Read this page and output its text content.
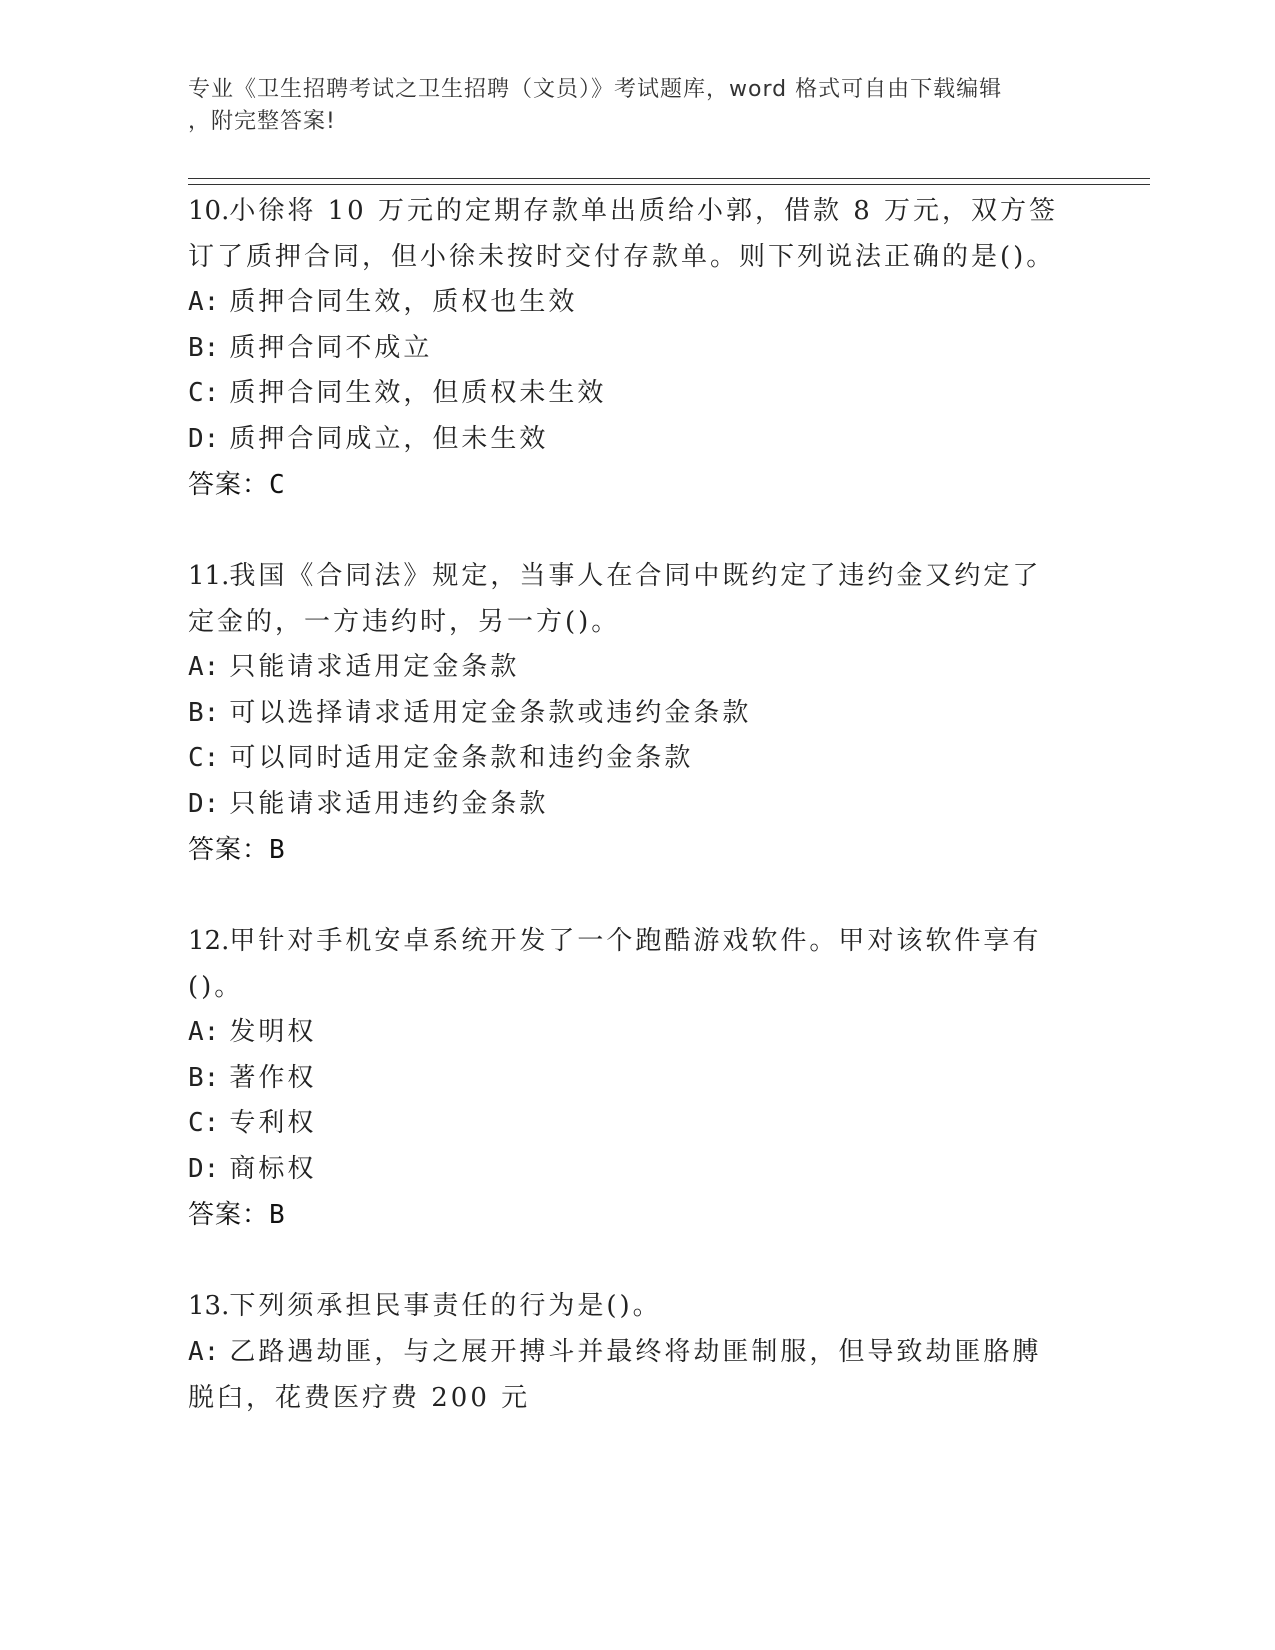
专业《卫生招聘考试之卫生招聘（文员）》考试题库，word 格式可自由下载编辑
，附完整答案!

10.小徐将 10 万元的定期存款单出质给小郭，借款 8 万元，双方签订了质押合同，但小徐未按时交付存款单。则下列说法正确的是()。

A: 质押合同生效，质权也生效

B: 质押合同不成立

C: 质押合同生效，但质权未生效

D: 质押合同成立，但未生效

答案：C

11.我国《合同法》规定，当事人在合同中既约定了违约金又约定了定金的，一方违约时，另一方()。

A: 只能请求适用定金条款

B: 可以选择请求适用定金条款或违约金条款

C: 可以同时适用定金条款和违约金条款

D: 只能请求适用违约金条款

答案：B

12.甲针对手机安卓系统开发了一个跑酷游戏软件。甲对该软件享有()。

A: 发明权

B: 著作权

C: 专利权

D: 商标权

答案：B

13.下列须承担民事责任的行为是()。

A: 乙路遇劫匪，与之展开搏斗并最终将劫匪制服，但导致劫匪胳膊脱臼，花费医疗费 200 元
